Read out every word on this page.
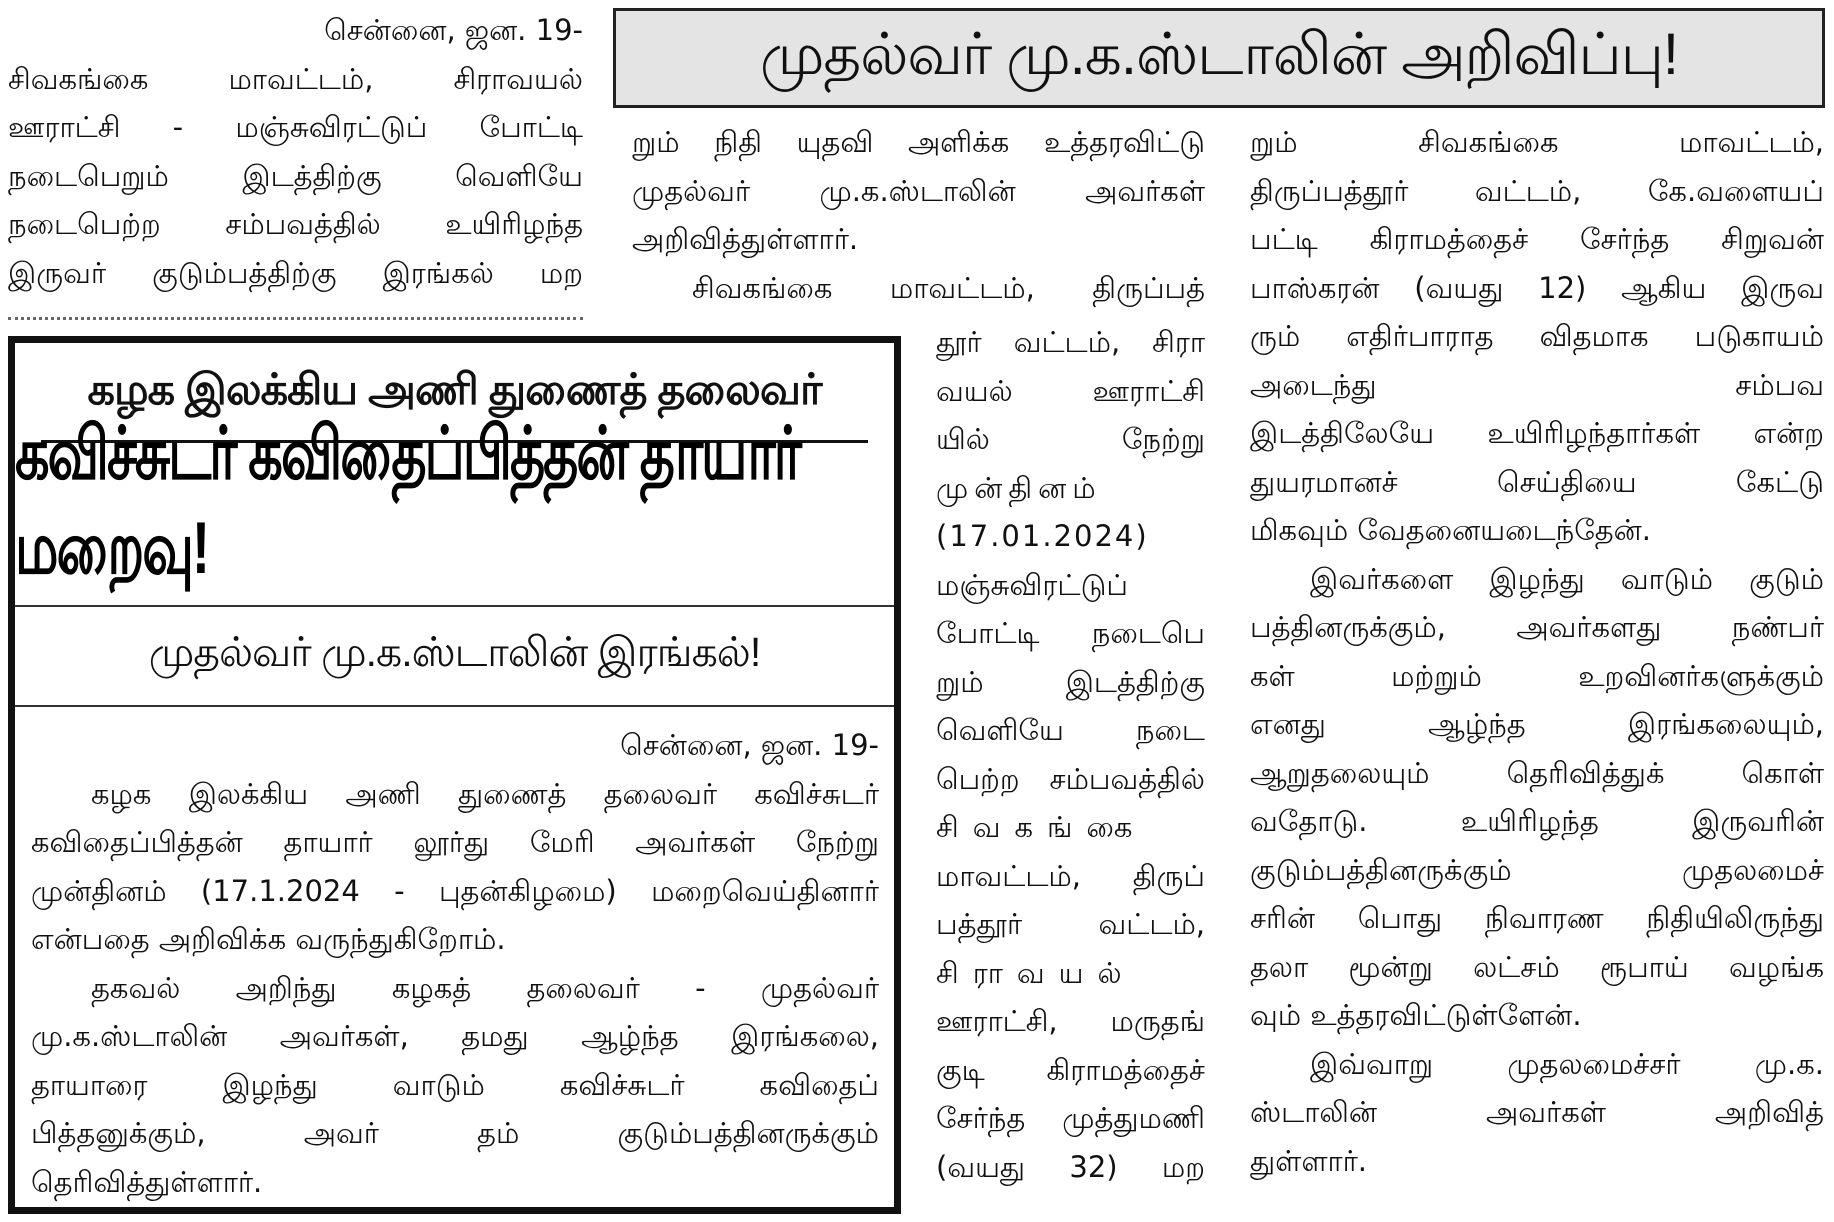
முதல்வர் மு.க.ஸ்டாலின் அறிவிப்பு!
சென்னை, ஜன. 19-
சிவகங்கை மாவட்டம், சிராவயல்
ஊராட்சி - மஞ்சுவிரட்டுப் போட்டி
நடைபெறும் இடத்திற்கு வெளியே
நடைபெற்ற சம்பவத்தில் உயிரிழந்த
இருவர் குடும்பத்திற்கு இரங்கல் மற
கழக இலக்கிய அணி துணைத் தலைவர்
கவிச்சுடர் கவிதைப்பித்தன் தாயார் மறைவு!
முதல்வர் மு.க.ஸ்டாலின் இரங்கல்!
சென்னை, ஜன. 19-
கழக இலக்கிய அணி துணைத் தலைவர் கவிச்சுடர்
கவிதைப்பித்தன் தாயார் லூர்து மேரி அவர்கள் நேற்று
முன்தினம் (17.1.2024 - புதன்கிழமை) மறைவெய்தினார்
என்பதை அறிவிக்க வருந்துகிறோம்.
தகவல் அறிந்து கழகத் தலைவர் - முதல்வர்
மு.க.ஸ்டாலின் அவர்கள், தமது ஆழ்ந்த இரங்கலை,
தாயாரை இழந்து வாடும் கவிச்சுடர் கவிதைப்
பித்தனுக்கும், அவர் தம் குடும்பத்தினருக்கும்
தெரிவித்துள்ளார்.
றும் நிதி யுதவி அளிக்க உத்தரவிட்டு
முதல்வர் மு.க.ஸ்டாலின் அவர்கள்
அறிவித்துள்ளார்.
சிவகங்கை மாவட்டம், திருப்பத்
தூர் வட்டம், சிரா
வயல் ஊராட்சி
யில் நேற்று
முன்தினம்
(17.01.2024)
மஞ்சுவிரட்டுப்
போட்டி நடைபெ
றும் இடத்திற்கு
வெளியே நடை
பெற்ற சம்பவத்தில்
சிவகங்கை
மாவட்டம், திருப்
பத்தூர் வட்டம்,
சிராவயல்
ஊராட்சி, மருதங்
குடி கிராமத்தைச்
சேர்ந்த முத்துமணி
(வயது 32) மற
றும் சிவகங்கை மாவட்டம்,
திருப்பத்தூர் வட்டம், கே.வளையப்
பட்டி கிராமத்தைச் சேர்ந்த சிறுவன்
பாஸ்கரன் (வயது 12) ஆகிய இருவ
ரும் எதிர்பாராத விதமாக படுகாயம்
அடைந்து சம்பவ
இடத்திலேயே உயிரிழந்தார்கள் என்ற
துயரமானச் செய்தியை கேட்டு
மிகவும் வேதனையடைந்தேன்.
இவர்களை இழந்து வாடும் குடும்
பத்தினருக்கும், அவர்களது நண்பர்
கள் மற்றும் உறவினர்களுக்கும்
எனது ஆழ்ந்த இரங்கலையும்,
ஆறுதலையும் தெரிவித்துக் கொள்
வதோடு. உயிரிழந்த இருவரின்
குடும்பத்தினருக்கும் முதலமைச்
சரின் பொது நிவாரண நிதியிலிருந்து
தலா மூன்று லட்சம் ரூபாய் வழங்க
வும் உத்தரவிட்டுள்ளேன்.
இவ்வாறு முதலமைச்சர் மு.க.
ஸ்டாலின் அவர்கள் அறிவித்
துள்ளார்.
